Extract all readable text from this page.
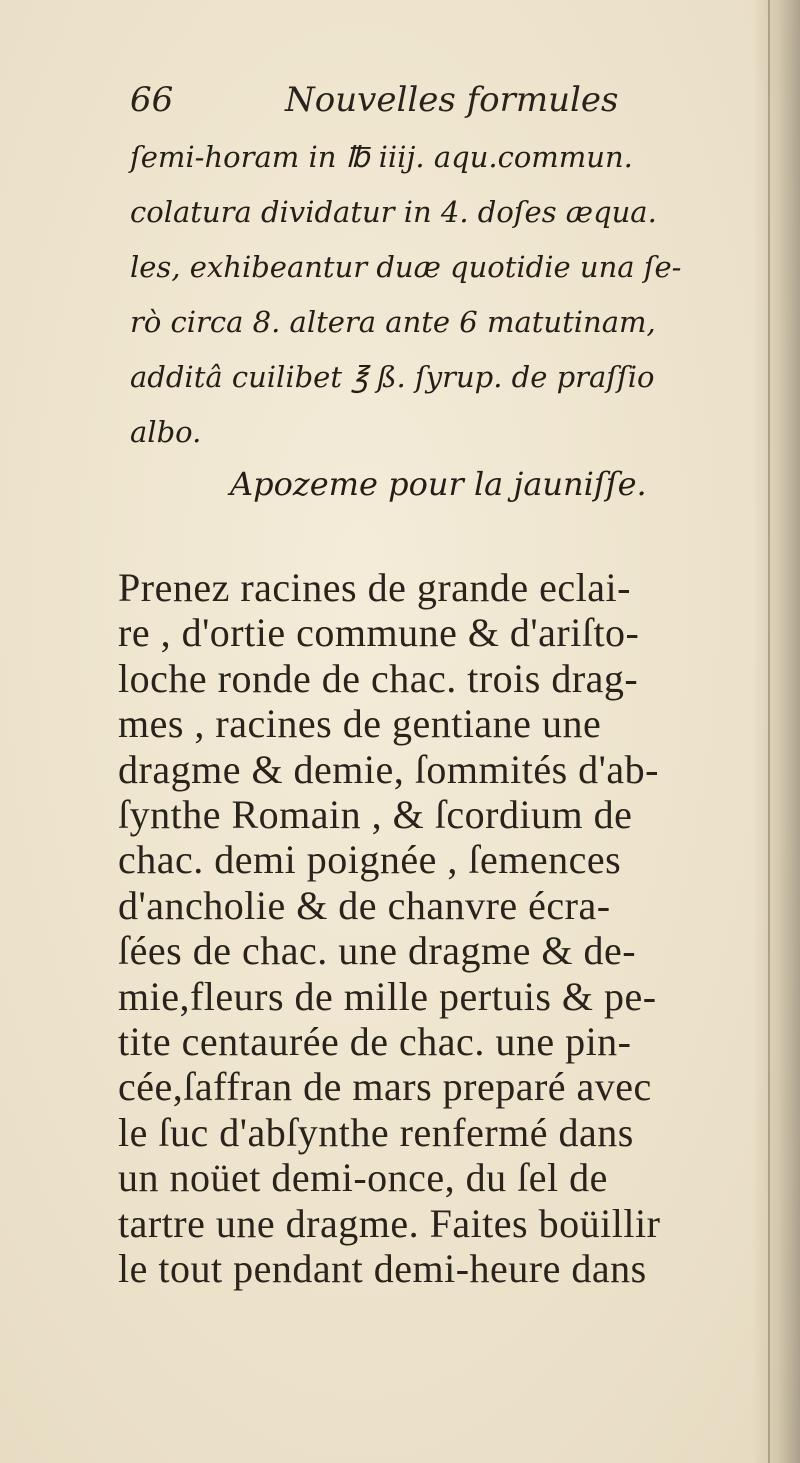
66	Nouvelles formules
ſemi-horam in ℔ iiij. aqu.commun.
colatura dividatur in 4. doſes æqua.
les, exhibeantur duæ quotidie una ſe-
rò circa 8. altera ante 6 matutinam,
additâ cuilibet ℥ ß. ſyrup. de praſſio
albo.
Apozeme pour la jauniſſe.
Prenez racines de grande eclai-
re , d'ortie commune & d'ariſto-
loche ronde de chac. trois drag-
mes , racines de gentiane une
dragme & demie, ſommités d'ab-
ſynthe Romain , & ſcordium de
chac. demi poignée , ſemences
d'ancholie & de chanvre écra-
ſées de chac. une dragme & de-
mie,fleurs de mille pertuis & pe-
tite centaurée de chac. une pin-
cée,ſaffran de mars preparé avec
le ſuc d'abſynthe renfermé dans
un noüet demi-once, du ſel de
tartre une dragme. Faites boüillir
le tout pendant demi-heure dans
